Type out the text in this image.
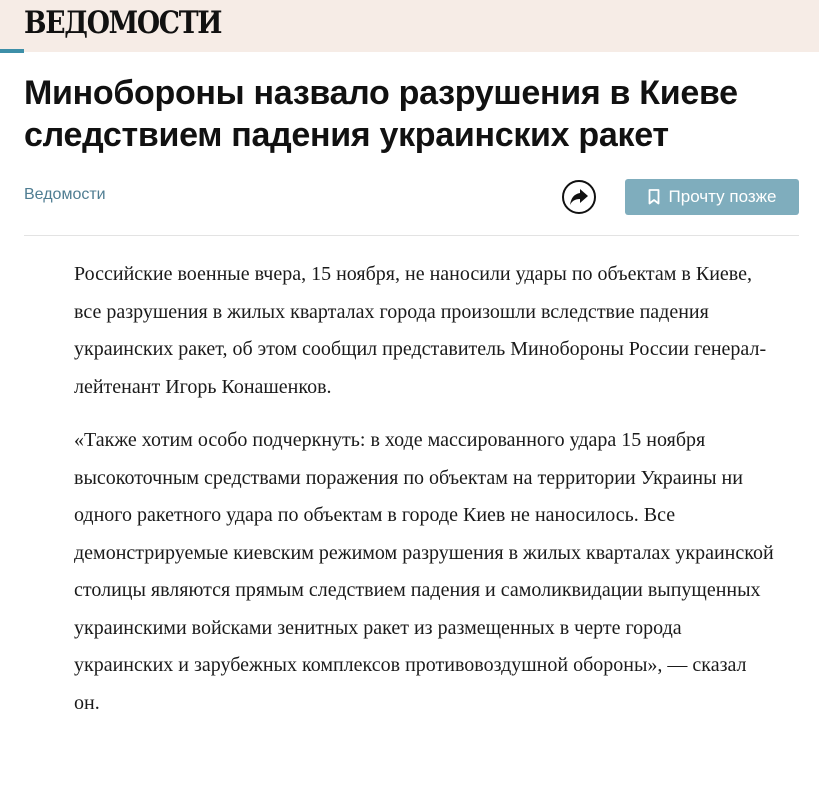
ВЕДОМОСТИ
Минобороны назвало разрушения в Киеве
следствием падения украинских ракет
Ведомости	Прочту позже

Российские военные вчера, 15 ноября, не наносили удары по объектам в Киеве, все разрушения в жилых кварталах города произошли вследствие падения украинских ракет, об этом сообщил представитель Минобороны России генерал-лейтенант Игорь Конашенков.

«Также хотим особо подчеркнуть: в ходе массированного удара 15 ноября высокоточным средствами поражения по объектам на территории Украины ни одного ракетного удара по объектам в городе Киев не наносилось. Все демонстрируемые киевским режимом разрушения в жилых кварталах украинской столицы являются прямым следствием падения и самоликвидации выпущенных украинскими войсками зенитных ракет из размещенных в черте города украинских и зарубежных комплексов противовоздушной обороны», — сказал он.
